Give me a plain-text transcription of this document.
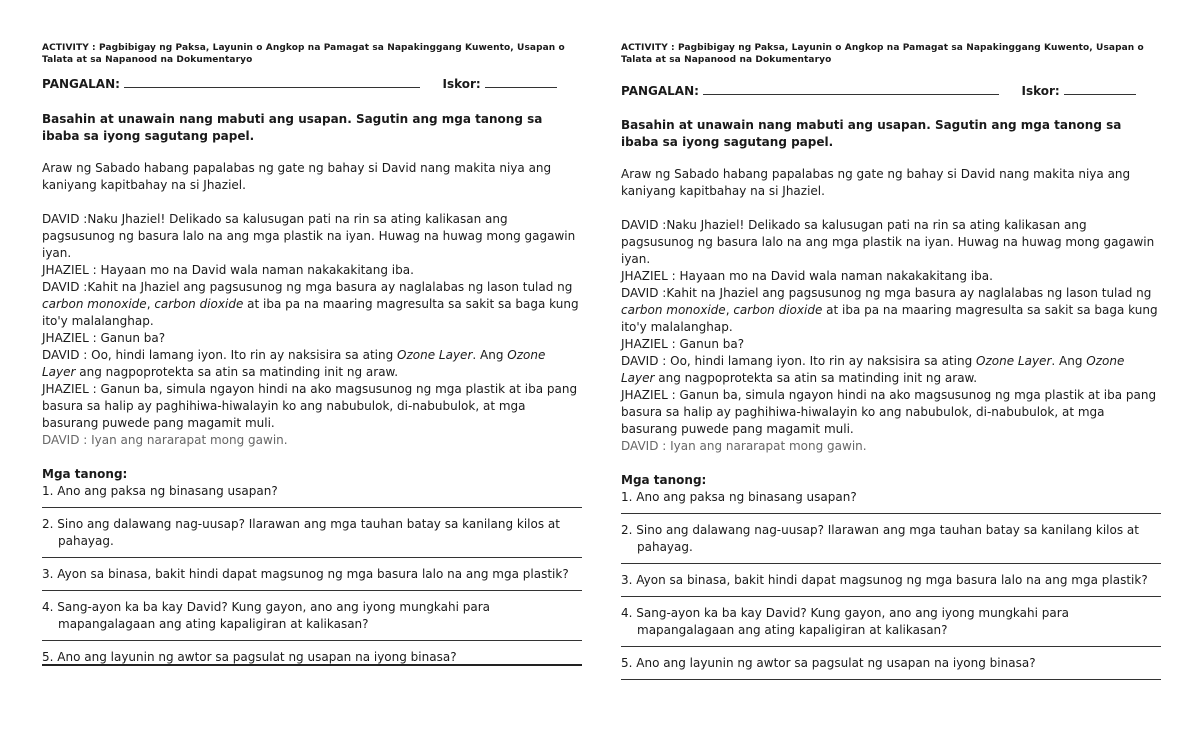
ACTIVITY : Pagbibigay ng Paksa, Layunin o Angkop na Pamagat sa Napakinggang Kuwento, Usapan o Talata at sa Napanood na Dokumentaryo
PANGALAN:	Iskor:
Basahin at unawain nang mabuti ang usapan. Sagutin ang mga tanong sa ibaba sa iyong sagutang papel.

Araw ng Sabado habang papalabas ng gate ng bahay si David nang makita niya ang kaniyang kapitbahay na si Jhaziel.

DAVID :Naku Jhaziel! Delikado sa kalusugan pati na rin sa ating kalikasan ang pagsusunog ng basura lalo na ang mga plastik na iyan. Huwag na huwag mong gagawin iyan.

JHAZIEL : Hayaan mo na David wala naman nakakakitang iba.

DAVID :Kahit na Jhaziel ang pagsusunog ng mga basura ay naglalabas ng lason tulad ng carbon monoxide, carbon dioxide at iba pa na maaring magresulta sa sakit sa baga kung ito'y malalanghap.

JHAZIEL : Ganun ba?

DAVID : Oo, hindi lamang iyon. Ito rin ay naksisira sa ating Ozone Layer. Ang Ozone Layer ang nagpoprotekta sa atin sa matinding init ng araw.

JHAZIEL : Ganun ba, simula ngayon hindi na ako magsusunog ng mga plastik at iba pang basura sa halip ay paghihiwa-hiwalayin ko ang nabubulok, di-nabubulok, at mga basurang puwede pang magamit muli.

DAVID : Iyan ang nararapat mong gawin.

Mga tanong:

1. Ano ang paksa ng binasang usapan?

2. Sino ang dalawang nag-uusap? Ilarawan ang mga tauhan batay sa kanilang kilos at

pahayag.

3. Ayon sa binasa, bakit hindi dapat magsunog ng mga basura lalo na ang mga plastik?

4. Sang-ayon ka ba kay David? Kung gayon, ano ang iyong mungkahi para

mapangalagaan ang ating kapaligiran at kalikasan?

5. Ano ang layunin ng awtor sa pagsulat ng usapan na iyong binasa?

ACTIVITY : Pagbibigay ng Paksa, Layunin o Angkop na Pamagat sa Napakinggang Kuwento, Usapan o Talata at sa Napanood na Dokumentaryo
PANGALAN:	Iskor:
Basahin at unawain nang mabuti ang usapan. Sagutin ang mga tanong sa ibaba sa iyong sagutang papel.

Araw ng Sabado habang papalabas ng gate ng bahay si David nang makita niya ang kaniyang kapitbahay na si Jhaziel.

DAVID :Naku Jhaziel! Delikado sa kalusugan pati na rin sa ating kalikasan ang pagsusunog ng basura lalo na ang mga plastik na iyan. Huwag na huwag mong gagawin iyan.

JHAZIEL : Hayaan mo na David wala naman nakakakitang iba.

DAVID :Kahit na Jhaziel ang pagsusunog ng mga basura ay naglalabas ng lason tulad ng carbon monoxide, carbon dioxide at iba pa na maaring magresulta sa sakit sa baga kung ito'y malalanghap.

JHAZIEL : Ganun ba?

DAVID : Oo, hindi lamang iyon. Ito rin ay naksisira sa ating Ozone Layer. Ang Ozone Layer ang nagpoprotekta sa atin sa matinding init ng araw.

JHAZIEL : Ganun ba, simula ngayon hindi na ako magsusunog ng mga plastik at iba pang basura sa halip ay paghihiwa-hiwalayin ko ang nabubulok, di-nabubulok, at mga basurang puwede pang magamit muli.

DAVID : Iyan ang nararapat mong gawin.

Mga tanong:

1. Ano ang paksa ng binasang usapan?

2. Sino ang dalawang nag-uusap? Ilarawan ang mga tauhan batay sa kanilang kilos at

pahayag.

3. Ayon sa binasa, bakit hindi dapat magsunog ng mga basura lalo na ang mga plastik?

4. Sang-ayon ka ba kay David? Kung gayon, ano ang iyong mungkahi para

mapangalagaan ang ating kapaligiran at kalikasan?

5. Ano ang layunin ng awtor sa pagsulat ng usapan na iyong binasa?
